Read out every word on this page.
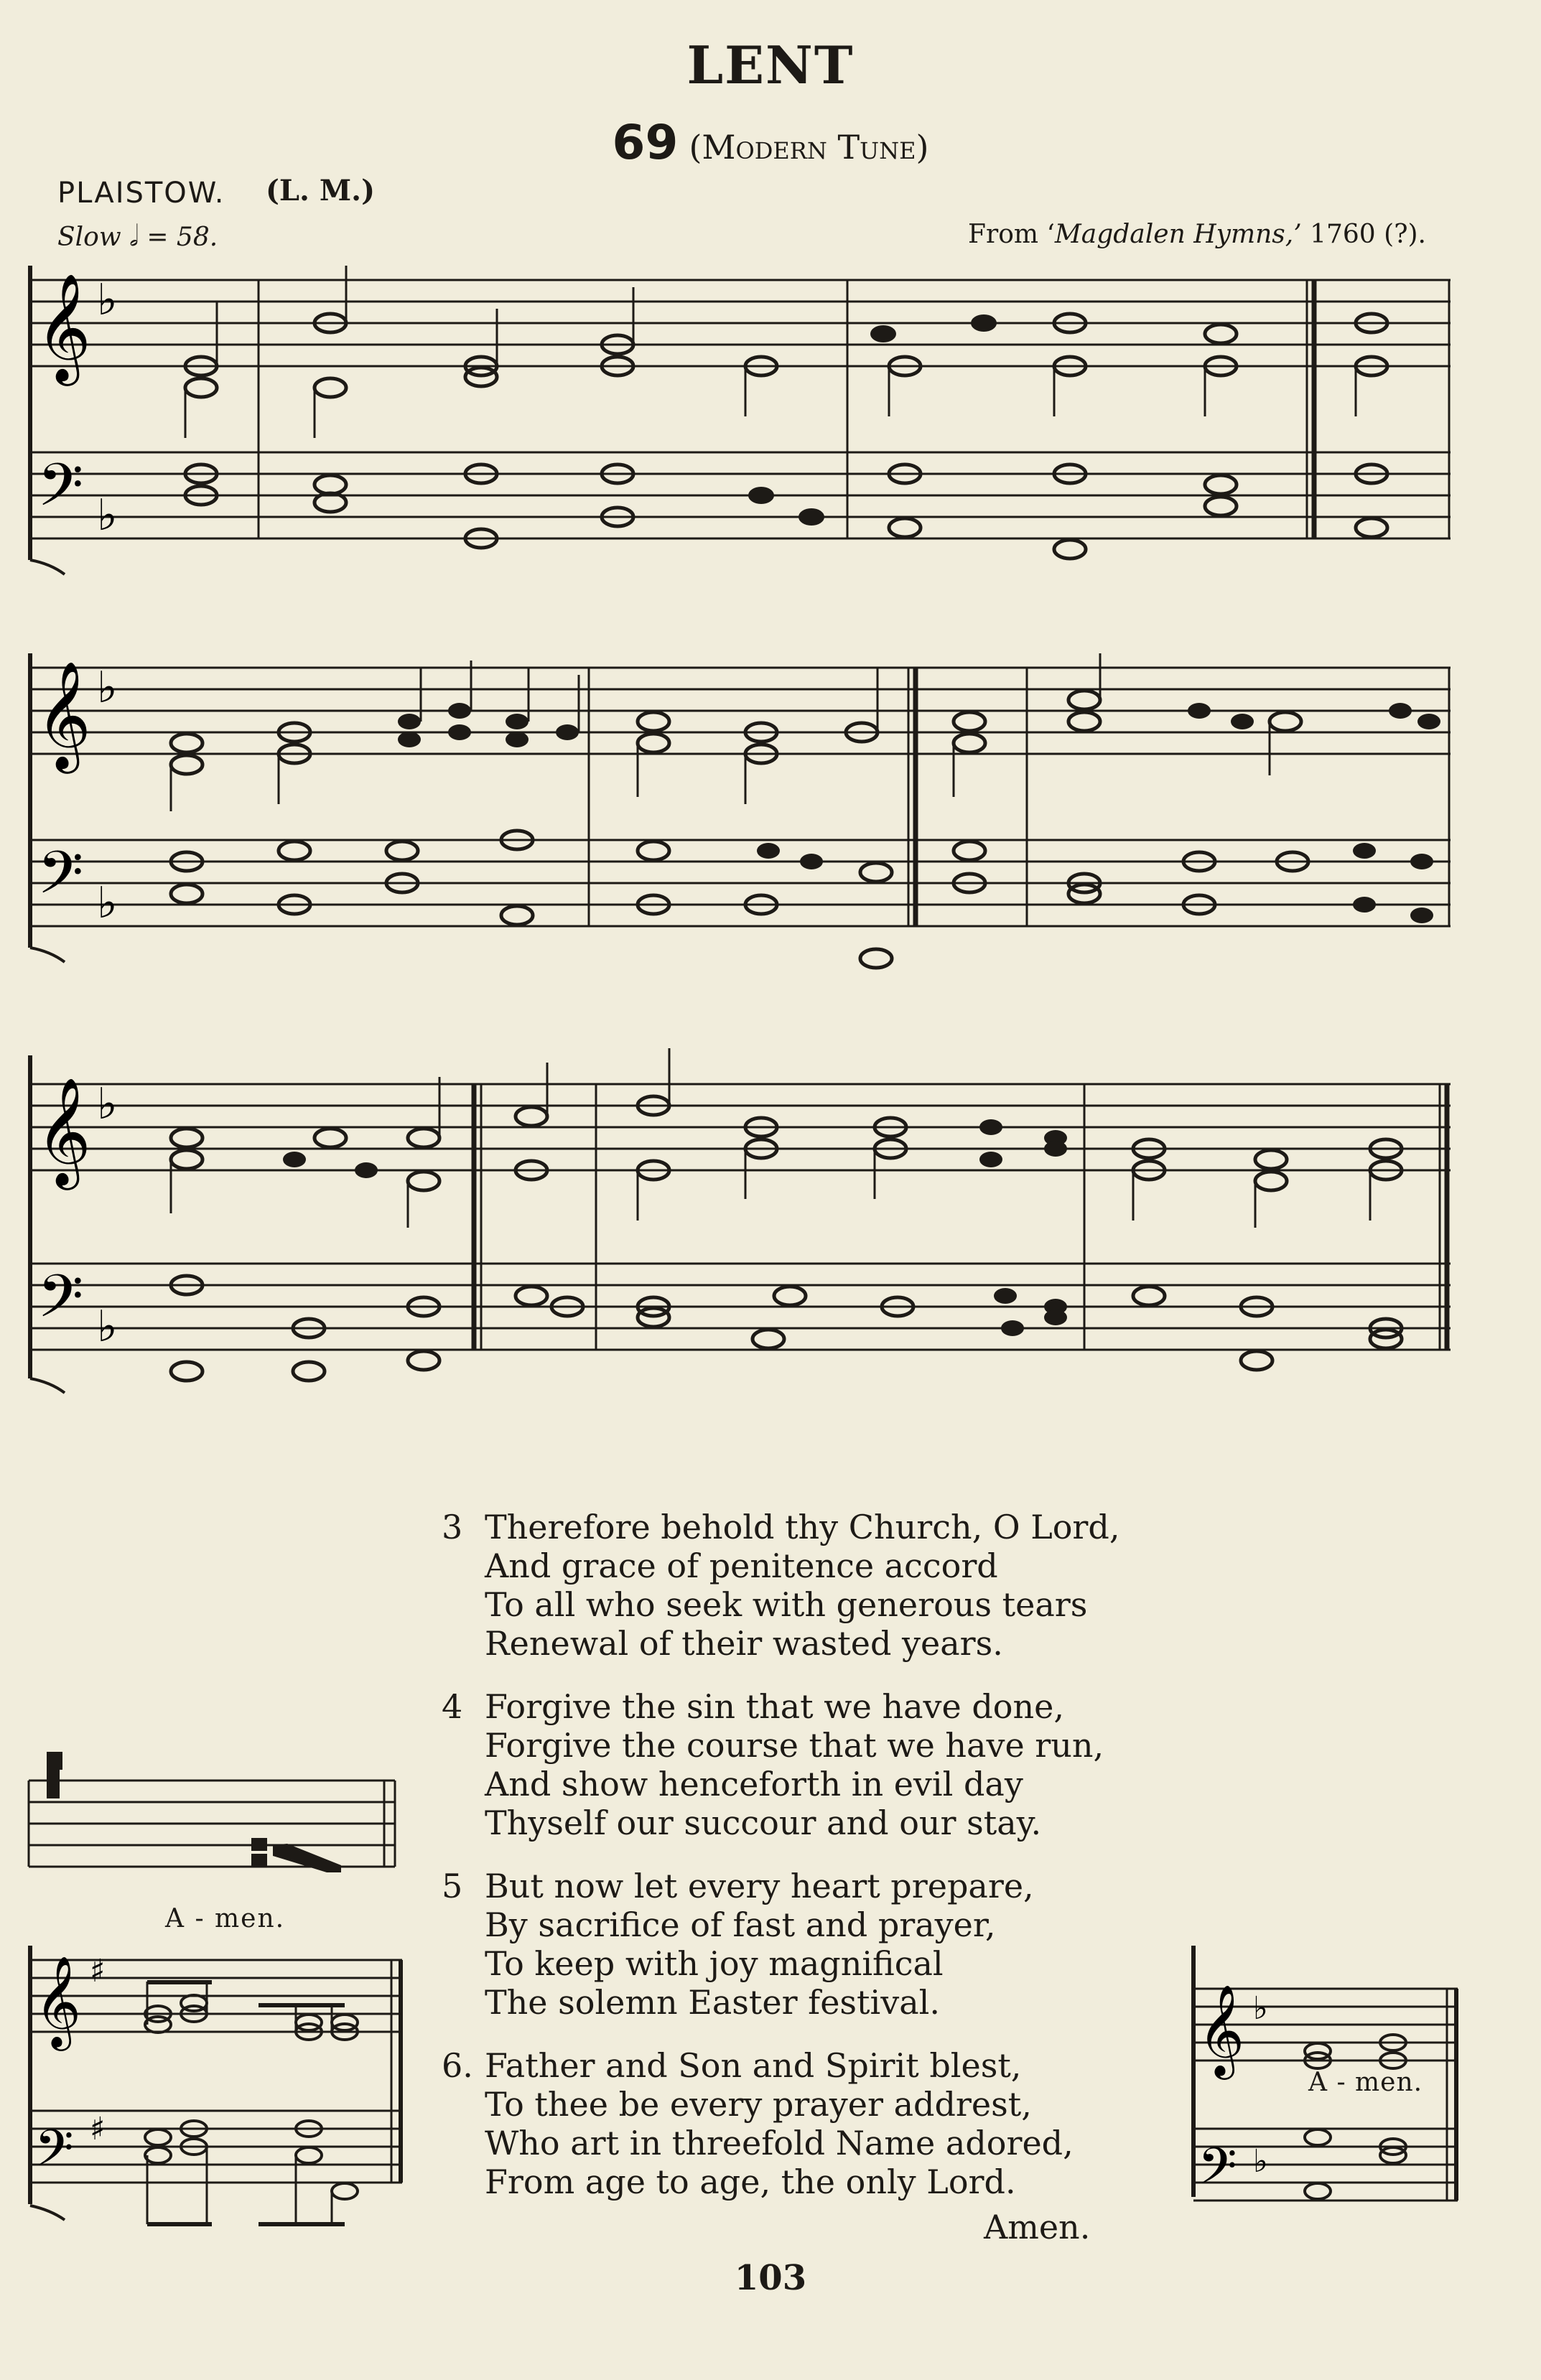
LENT
69 (Modern Tune)
PLAISTOW. (L. M.)
Slow 𝅗𝅥 = 58.	From ‘Magdalen Hymns,’ 1760 (?).
𝄞
𝄢
♭
♭
𝄞
𝄢
♭
♭
𝄞
𝄢
♭
♭
3 Therefore behold thy Church, O Lord,
And grace of penitence accord
To all who seek with generous tears
Renewal of their wasted years.
4 Forgive the sin that we have done,
Forgive the course that we have run,
And show henceforth in evil day
Thyself our succour and our stay.
5 But now let every heart prepare,
By sacrifice of fast and prayer,
To keep with joy magnifical
The solemn Easter festival.
6. Father and Son and Spirit blest,
To thee be every prayer addrest,
Who art in threefold Name adored,
From age to age, the only Lord.
Amen.
A - men.
𝄞
𝄢
♯
♯
𝄞
𝄢
♭
♭
A - men.
103
